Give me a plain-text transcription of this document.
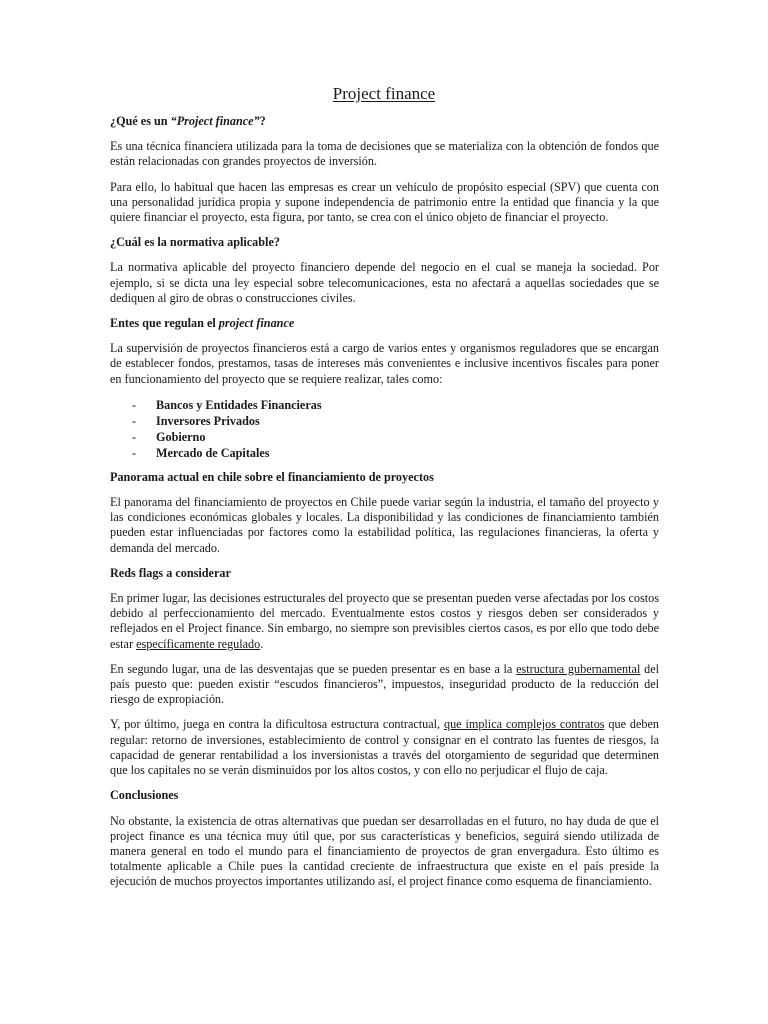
Project finance

¿Qué es un “Project finance”?

Es una técnica financiera utilizada para la toma de decisiones que se materializa con la obtención de fondos que están relacionadas con grandes proyectos de inversión.

Para ello, lo habitual que hacen las empresas es crear un vehículo de propósito especial (SPV) que cuenta con una personalidad jurídica propia y supone independencia de patrimonio entre la entidad que financia y la que quiere financiar el proyecto, esta figura, por tanto, se crea con el único objeto de financiar el proyecto.

¿Cuál es la normativa aplicable?

La normativa aplicable del proyecto financiero depende del negocio en el cual se maneja la sociedad. Por ejemplo, si se dicta una ley especial sobre telecomunicaciones, esta no afectará a aquellas sociedades que se dediquen al giro de obras o construcciones civiles.

Entes que regulan el project finance

La supervisión de proyectos financieros está a cargo de varios entes y organismos reguladores que se encargan de establecer fondos, prestamos, tasas de intereses más convenientes e inclusive incentivos fiscales para poner en funcionamiento del proyecto que se requiere realizar, tales como:

- Bancos y Entidades Financieras
- Inversores Privados
- Gobierno
- Mercado de Capitales

Panorama actual en chile sobre el financiamiento de proyectos

El panorama del financiamiento de proyectos en Chile puede variar según la industria, el tamaño del proyecto y las condiciones económicas globales y locales. La disponibilidad y las condiciones de financiamiento también pueden estar influenciadas por factores como la estabilidad política, las regulaciones financieras, la oferta y demanda del mercado.

Reds flags a considerar

En primer lugar, las decisiones estructurales del proyecto que se presentan pueden verse afectadas por los costos debido al perfeccionamiento del mercado. Eventualmente estos costos y riesgos deben ser considerados y reflejados en el Project finance. Sin embargo, no siempre son previsibles ciertos casos, es por ello que todo debe estar específicamente regulado.

En segundo lugar, una de las desventajas que se pueden presentar es en base a la estructura gubernamental del país puesto que: pueden existir “escudos financieros”, impuestos, inseguridad producto de la reducción del riesgo de expropiación.

Y, por último, juega en contra la dificultosa estructura contractual, que implica complejos contratos que deben regular: retorno de inversiones, establecimiento de control y consignar en el contrato las fuentes de riesgos, la capacidad de generar rentabilidad a los inversionistas a través del otorgamiento de seguridad que determinen que los capitales no se verán disminuidos por los altos costos, y con ello no perjudicar el flujo de caja.

Conclusiones

No obstante, la existencia de otras alternativas que puedan ser desarrolladas en el futuro, no hay duda de que el project finance es una técnica muy útil que, por sus características y beneficios, seguirá siendo utilizada de manera general en todo el mundo para el financiamiento de proyectos de gran envergadura. Esto último es totalmente aplicable a Chile pues la cantidad creciente de infraestructura que existe en el país preside la ejecución de muchos proyectos importantes utilizando así, el project finance como esquema de financiamiento.
